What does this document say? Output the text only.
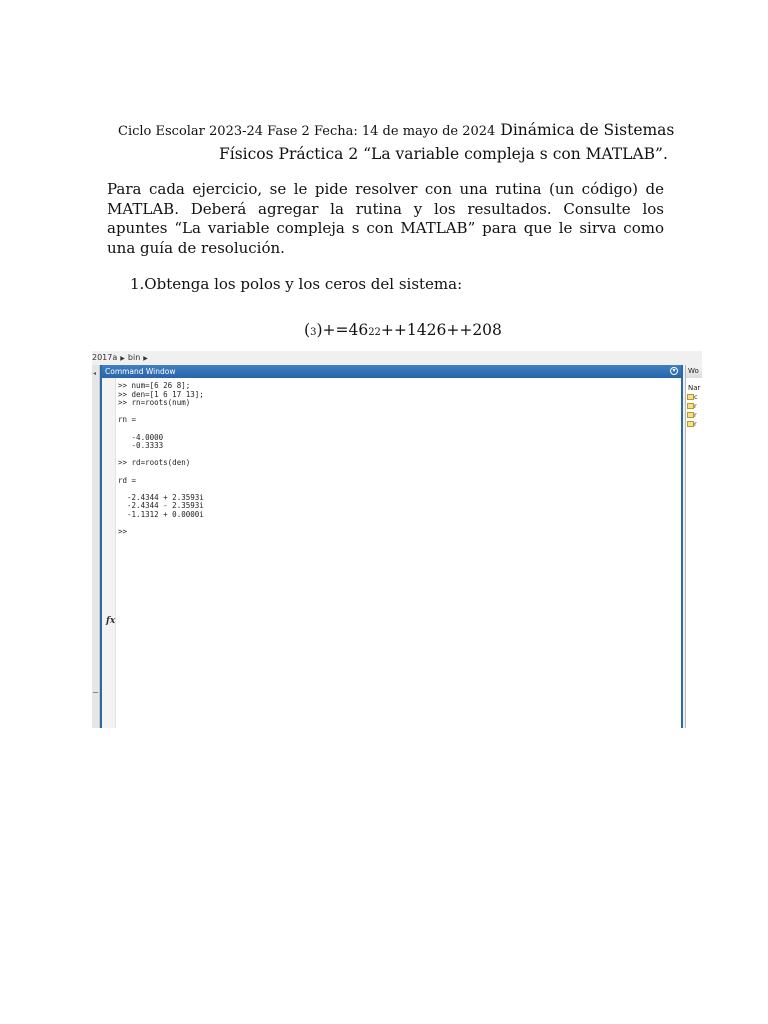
Ciclo Escolar 2023-24 Fase 2 Fecha: 14 de mayo de 2024 Dinámica de Sistemas
Físicos Práctica 2 “La variable compleja s con MATLAB”.
Para cada ejercicio, se le pide resolver con una rutina (un código) de MATLAB. Deberá agregar la rutina y los resultados. Consulte los apuntes “La variable compleja s con MATLAB” para que le sirva como una guía de resolución.
1.Obtenga los polos y los ceros del sistema:
(3)+=4622++1426++208
2017a ▶ bin ▶
◂	Command Window	▾
>> num=[6 26 8];
>> den=[1 6 17 13];
>> rn=roots(num)

rn =

-4.0000
-0.3333

>> rd=roots(den)

rd =

-2.4344 + 2.3593i
-2.4344 - 2.3593i
-1.1312 + 0.0000i

>>
fx
Wo
Nar
c
r
r
r
